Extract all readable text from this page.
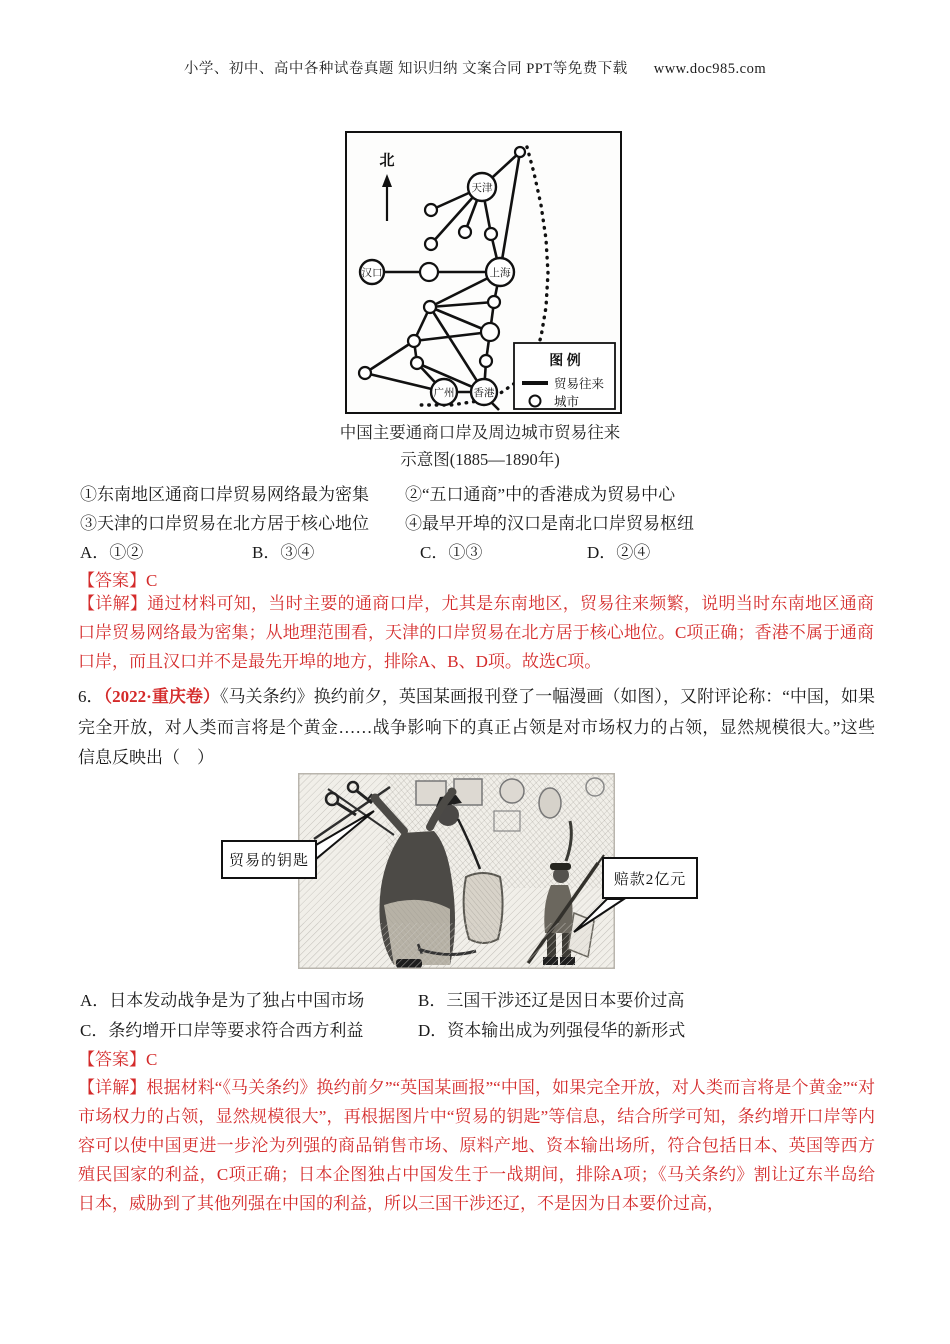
小学、初中、高中各种试卷真题 知识归纳 文案合同 PPT等免费下载 www.doc985.com
图 例
贸易往来
城市
北
天津
汉口	上海
广州 香港
中国主要通商口岸及周边城市贸易往来
示意图(1885—1890年)
①东南地区通商口岸贸易网络最为密集 ②“五口通商”中的香港成为贸易中心
③天津的口岸贸易在北方居于核心地位 ④最早开埠的汉口是南北口岸贸易枢纽
A．①②	B．③④	C．①③	D．②④
【答案】C
【详解】通过材料可知，当时主要的通商口岸，尤其是东南地区，贸易往来频繁，说明当时东南地区通商口岸贸易网络最为密集；从地理范围看，天津的口岸贸易在北方居于核心地位。C项正确；香港不属于通商口岸，而且汉口并不是最先开埠的地方，排除A、B、D项。故选C项。
6．（2022·重庆卷）《马关条约》换约前夕，英国某画报刊登了一幅漫画（如图），又附评论称：“中国，如果完全开放，对人类而言将是个黄金……战争影响下的真正占领是对市场权力的占领，显然规模很大。”这些信息反映出（　）
贸易的钥匙
赔款2亿元
A．日本发动战争是为了独占中国市场	B．三国干涉还辽是因日本要价过高
C．条约增开口岸等要求符合西方利益	D．资本输出成为列强侵华的新形式
【答案】C
【详解】根据材料“《马关条约》换约前夕”“英国某画报”“中国，如果完全开放，对人类而言将是个黄金”“对市场权力的占领，显然规模很大”，再根据图片中“贸易的钥匙”等信息，结合所学可知，条约增开口岸等内容可以使中国更进一步沦为列强的商品销售市场、原料产地、资本输出场所，符合包括日本、英国等西方殖民国家的利益，C项正确；日本企图独占中国发生于一战期间，排除A项；《马关条约》割让辽东半岛给日本，威胁到了其他列强在中国的利益，所以三国干涉还辽，不是因为日本要价过高，
